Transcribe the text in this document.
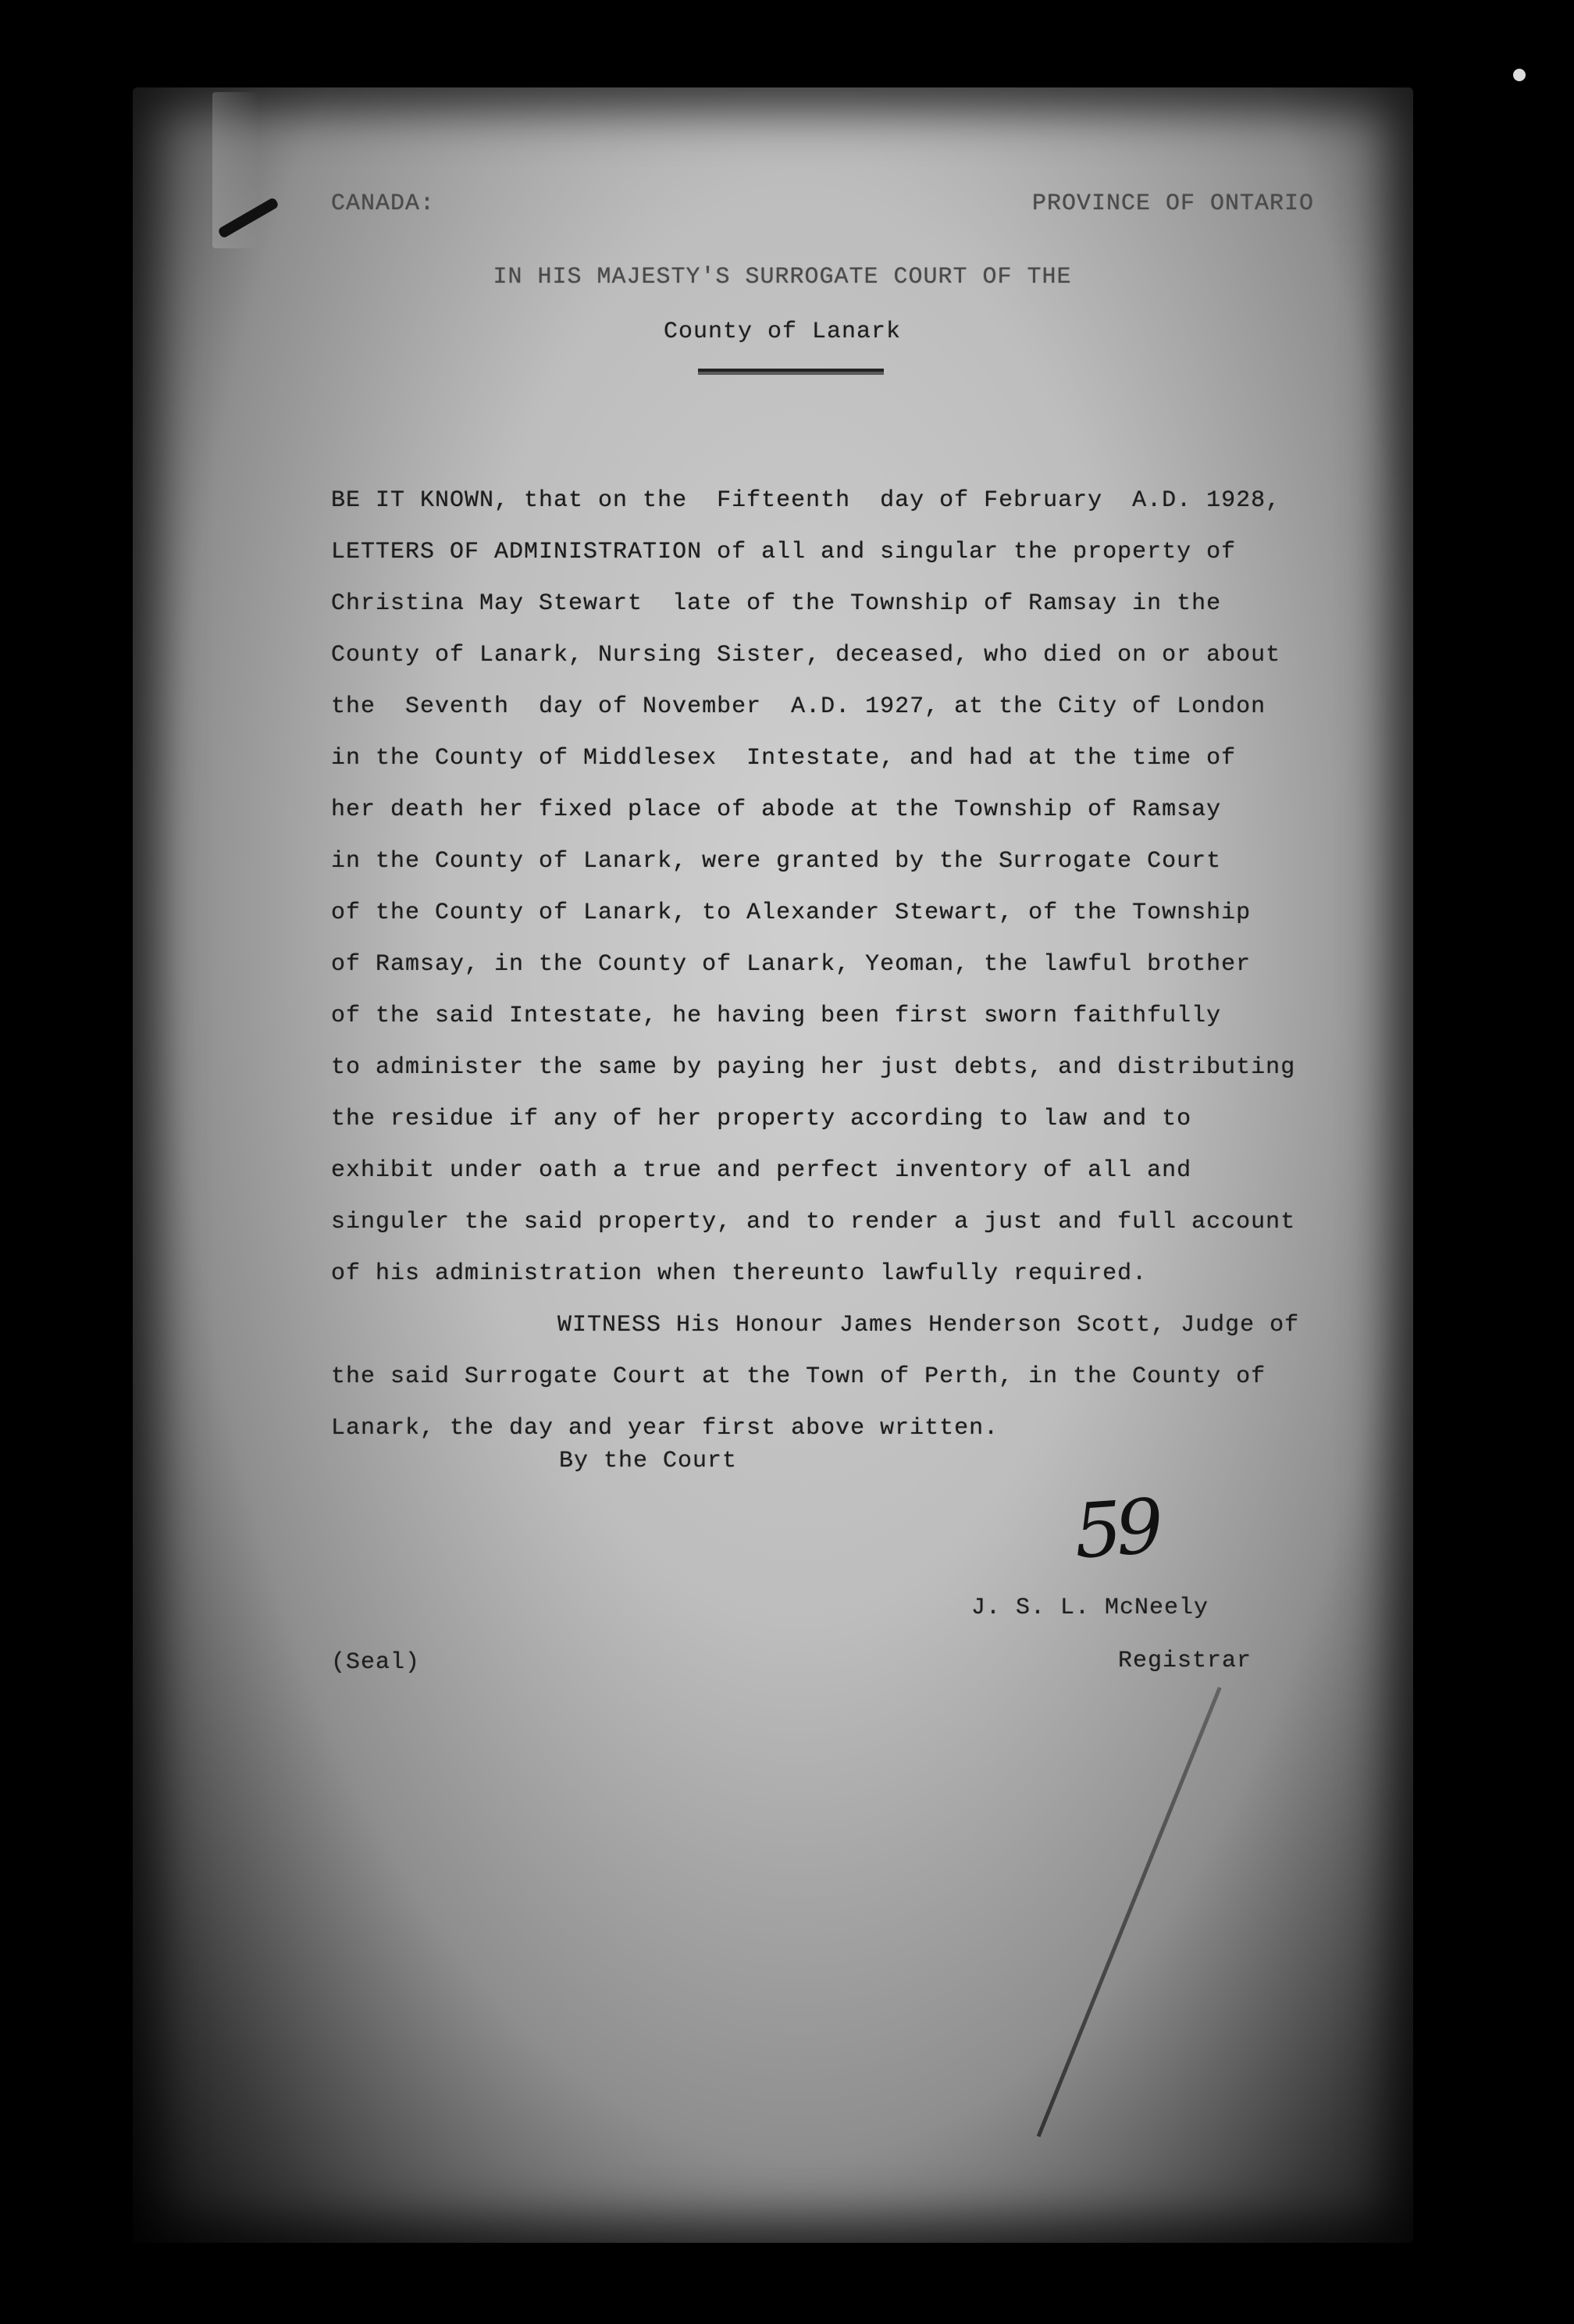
CANADA:	PROVINCE OF ONTARIO
IN HIS MAJESTY'S SURROGATE COURT OF THE
County of Lanark
BE IT KNOWN, that on the  Fifteenth  day of February  A.D. 1928,
LETTERS OF ADMINISTRATION of all and singular the property of
Christina May Stewart  late of the Township of Ramsay in the
County of Lanark, Nursing Sister, deceased, who died on or about
the  Seventh  day of November  A.D. 1927, at the City of London
in the County of Middlesex  Intestate, and had at the time of
her death her fixed place of abode at the Township of Ramsay
in the County of Lanark, were granted by the Surrogate Court
of the County of Lanark, to Alexander Stewart, of the Township
of Ramsay, in the County of Lanark, Yeoman, the lawful brother
of the said Intestate, he having been first sworn faithfully
to administer the same by paying her just debts, and distributing
the residue if any of her property according to law and to
exhibit under oath a true and perfect inventory of all and
singuler the said property, and to render a just and full account
of his administration when thereunto lawfully required.
WITNESS His Honour James Henderson Scott, Judge of
the said Surrogate Court at the Town of Perth, in the County of
Lanark, the day and year first above written.
By the Court
59
J. S. L. McNeely
Registrar
(Seal)
